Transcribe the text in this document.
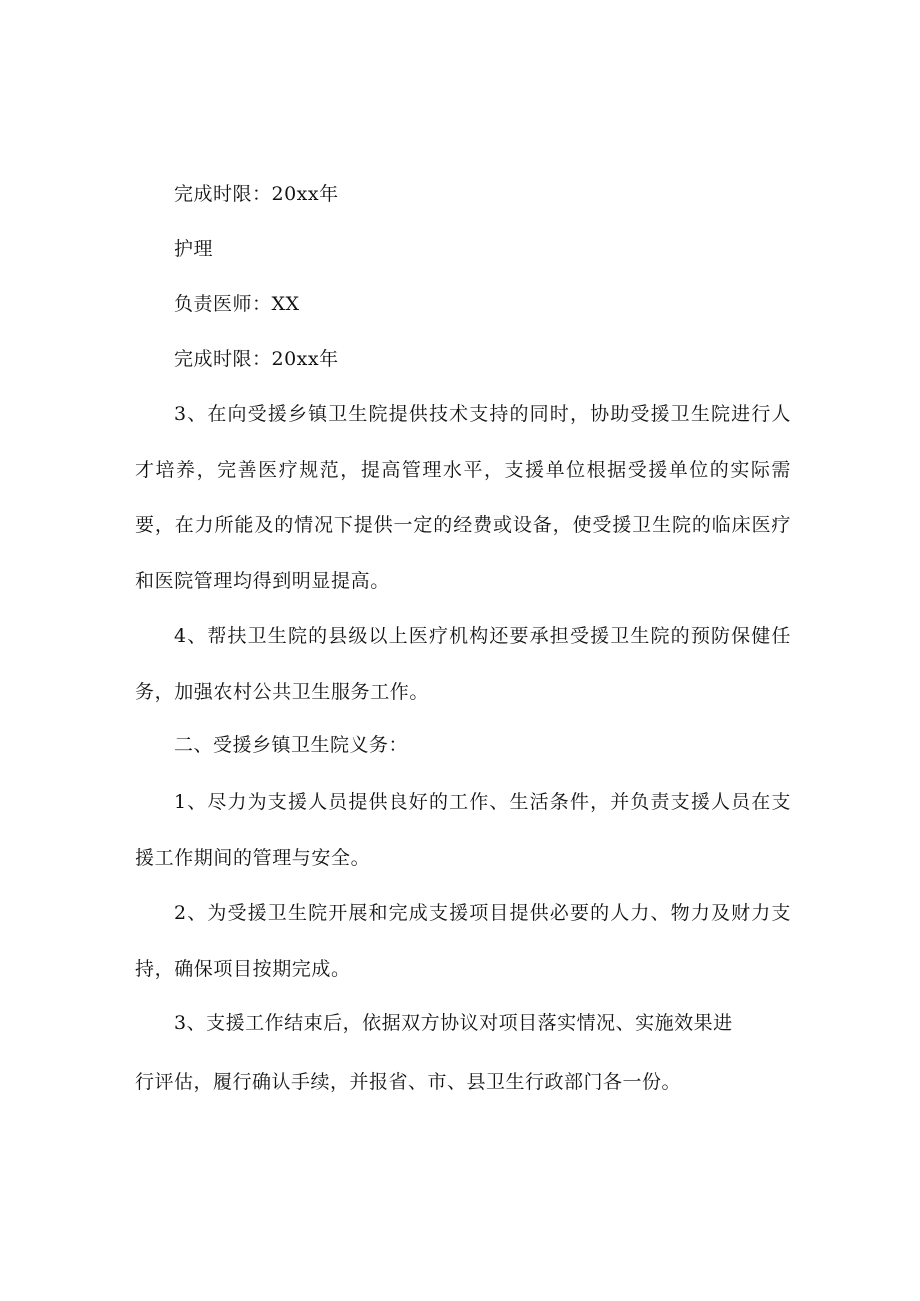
完成时限：20xx年
护理
负责医师：XX
完成时限：20xx年
3、在向受援乡镇卫生院提供技术支持的同时，协助受援卫生院进行人才培养，完善医疗规范，提高管理水平，支援单位根据受援单位的实际需要，在力所能及的情况下提供一定的经费或设备，使受援卫生院的临床医疗和医院管理均得到明显提高。
4、帮扶卫生院的县级以上医疗机构还要承担受援卫生院的预防保健任务，加强农村公共卫生服务工作。
二、受援乡镇卫生院义务：
1、尽力为支援人员提供良好的工作、生活条件，并负责支援人员在支援工作期间的管理与安全。
2、为受援卫生院开展和完成支援项目提供必要的人力、物力及财力支持，确保项目按期完成。
3、支援工作结束后，依据双方协议对项目落实情况、实施效果进
行评估，履行确认手续，并报省、市、县卫生行政部门各一份。
